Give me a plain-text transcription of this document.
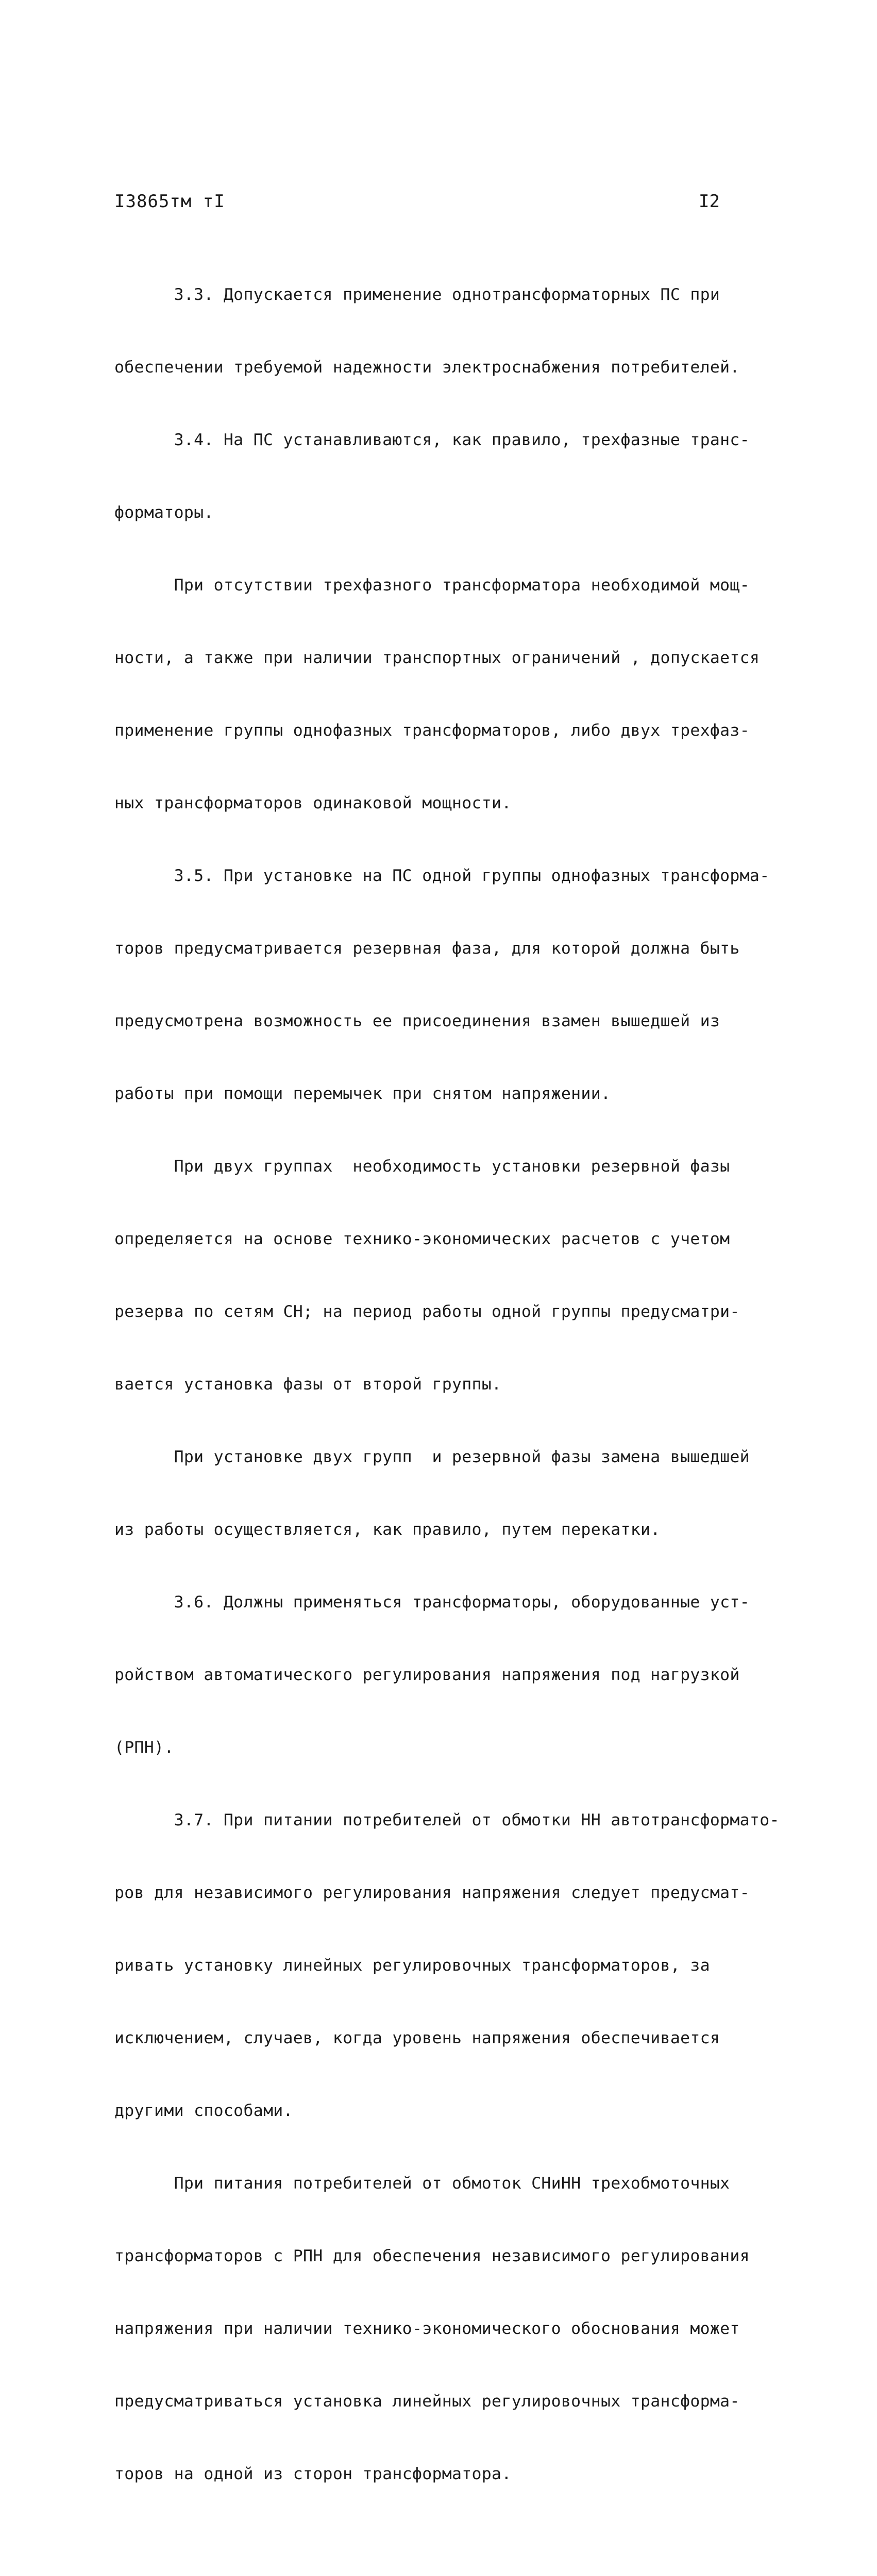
I3865тм тI	I2

3.3. Допускается применение однотрансформаторных ПС при

обеспечении требуемой надежности электроснабжения потребителей.

3.4. На ПС устанавливаются, как правило, трехфазные транс-

форматоры.

При отсутствии трехфазного трансформатора необходимой мощ-

ности, а также при наличии транспортных ограничений , допускается

применение группы однофазных трансформаторов, либо двух трехфаз-

ных трансформаторов одинаковой мощности.

3.5. При установке на ПС одной группы однофазных трансформа-

торов предусматривается резервная фаза, для которой должна быть

предусмотрена возможность ее присоединения взамен вышедшей из

работы при помощи перемычек при снятом напряжении.

При двух группах  необходимость установки резервной фазы

определяется на основе технико-экономических расчетов с учетом

резерва по сетям СН; на период работы одной группы предусматри-

вается установка фазы от второй группы.

При установке двух групп  и резервной фазы замена вышедшей

из работы осуществляется, как правило, путем перекатки.

3.6. Должны применяться трансформаторы, оборудованные уст-

ройством автоматического регулирования напряжения под нагрузкой

(РПН).

3.7. При питании потребителей от обмотки НН автотрансформато-

ров для независимого регулирования напряжения следует предусмат-

ривать установку линейных регулировочных трансформаторов, за

исключением, случаев, когда уровень напряжения обеспечивается

другими способами.

При питания потребителей от обмоток СНиНН трехобмоточных

трансформаторов с РПН для обеспечения независимого регулирования

напряжения при наличии технико-экономического обоснования может

предусматриваться установка линейных регулировочных трансформа-

торов на одной из сторон трансформатора.
